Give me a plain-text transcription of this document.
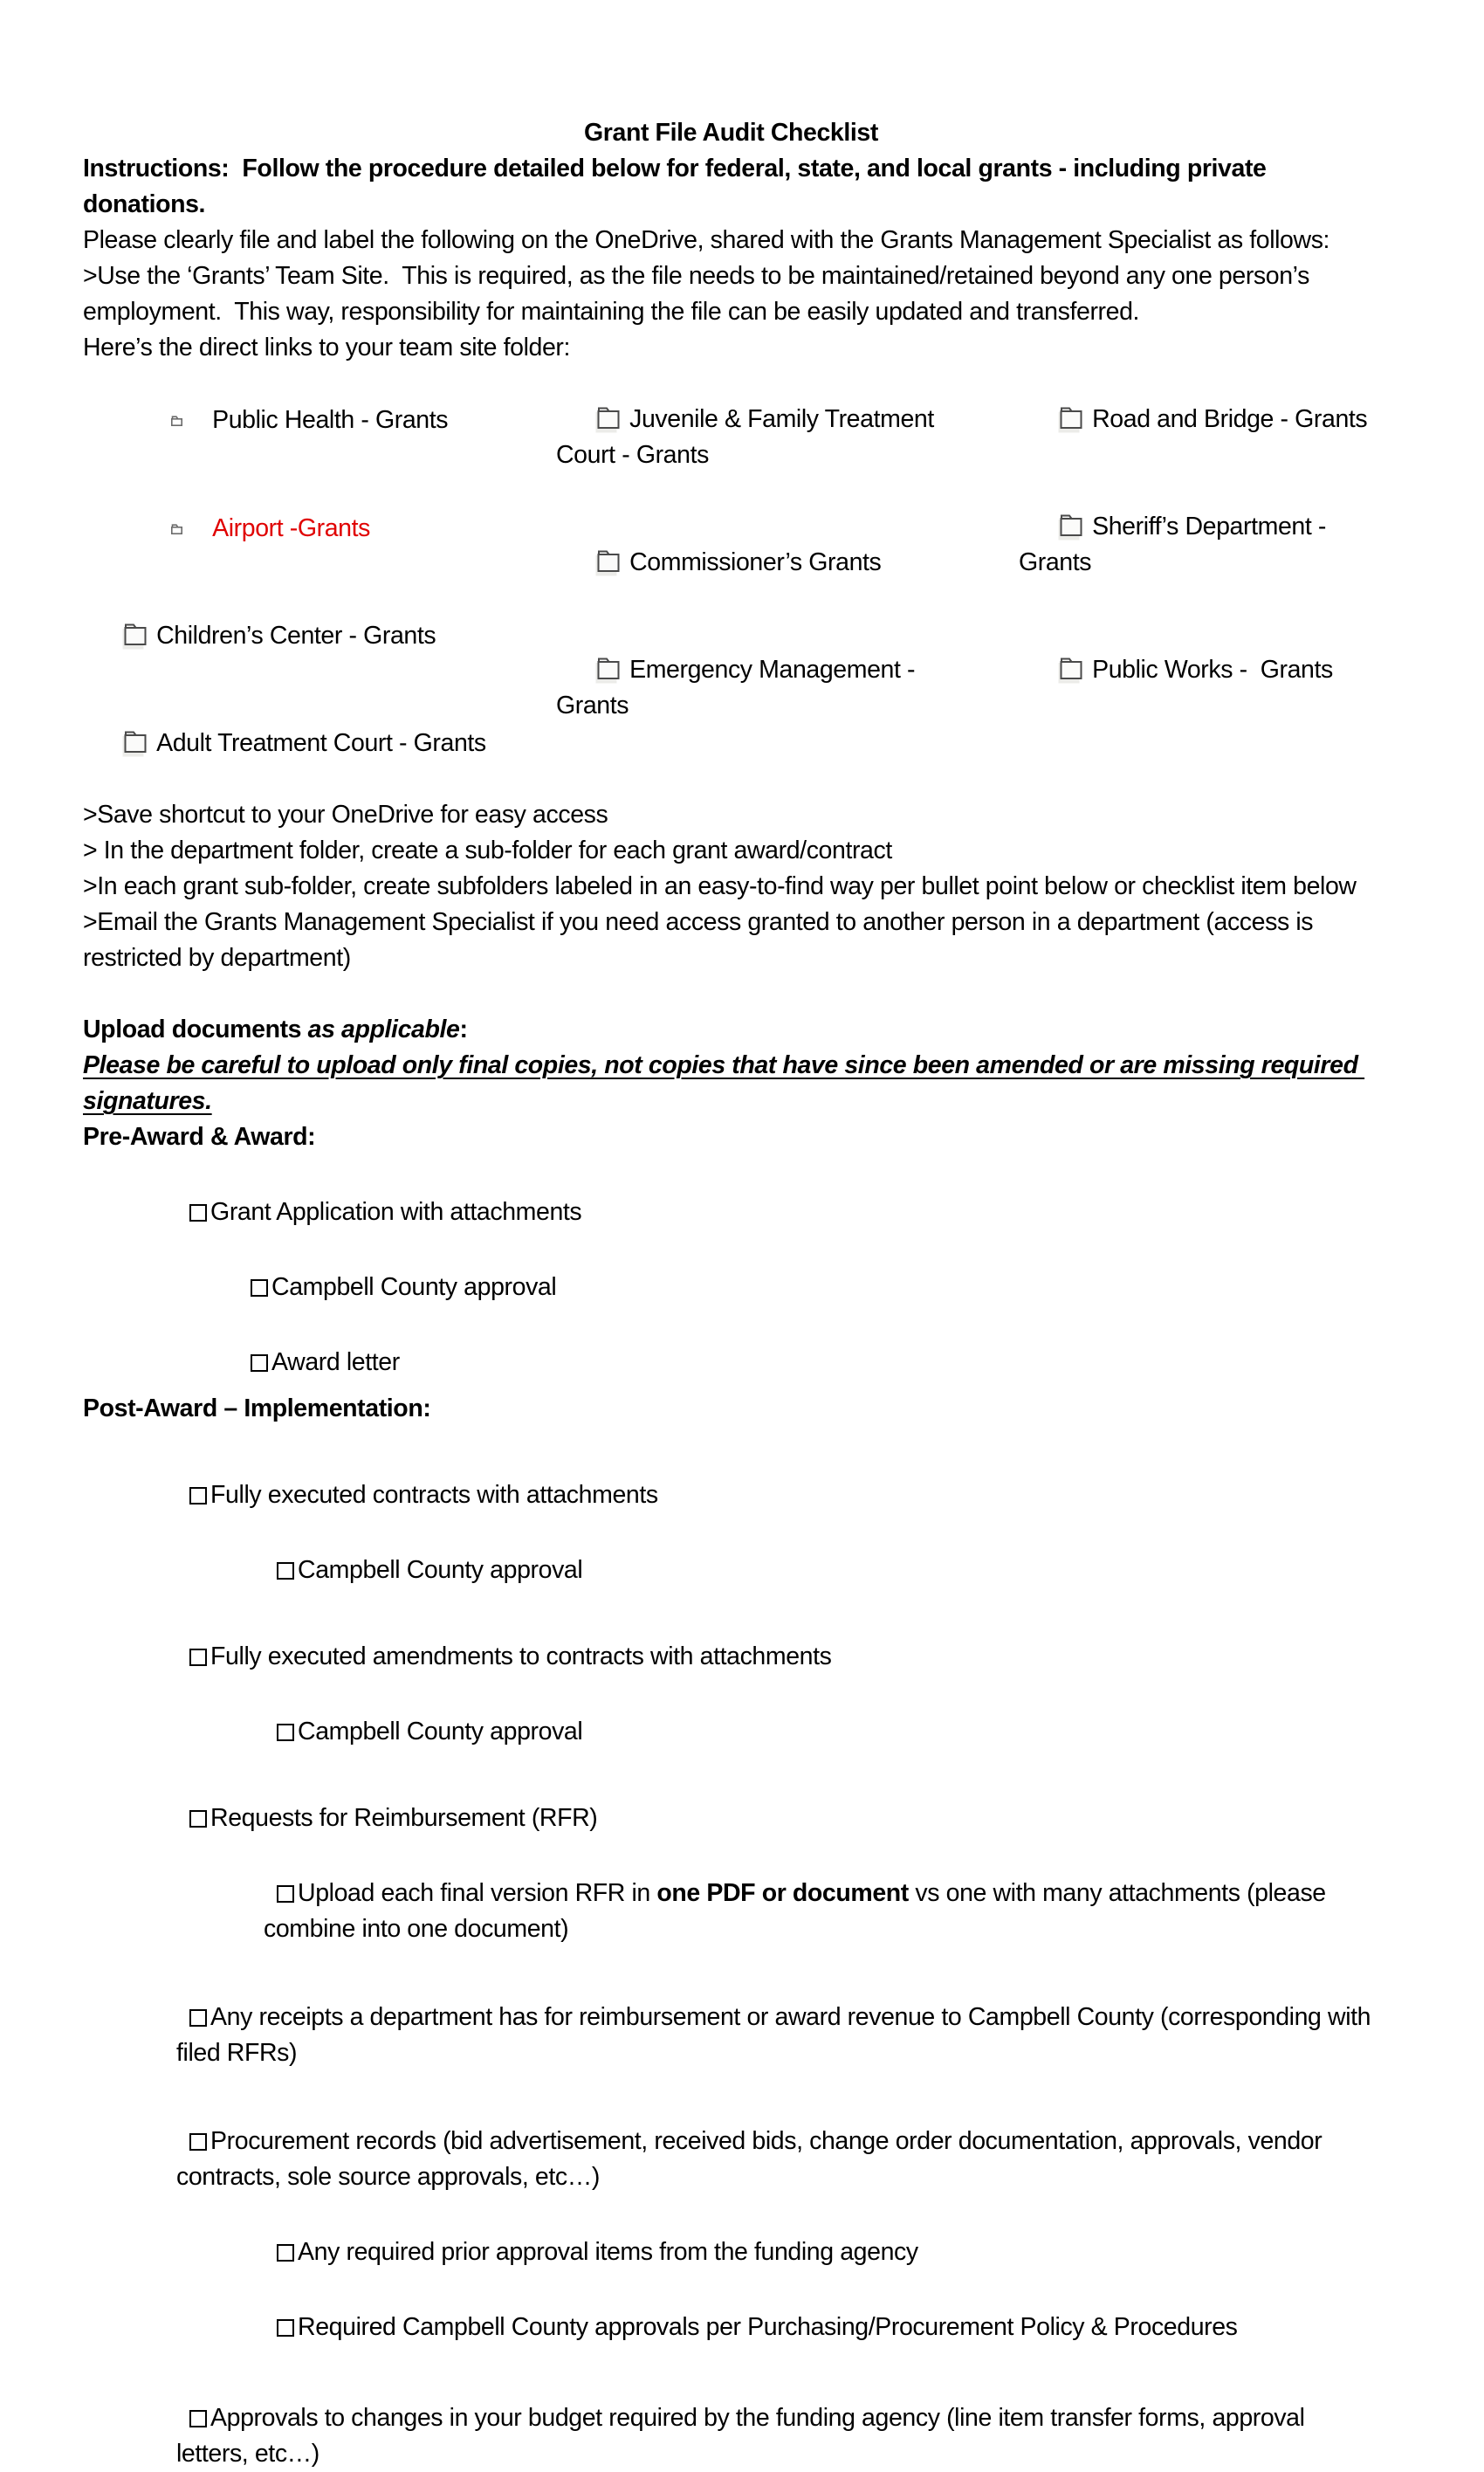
Grant File Audit Checklist

Instructions:  Follow the procedure detailed below for federal, state, and local grants - including private donations.

Please clearly file and label the following on the OneDrive, shared with the Grants Management Specialist as follows:

>Use the ‘Grants’ Team Site.  This is required, as the file needs to be maintained/retained beyond any one person’s employment.  This way, responsibility for maintaining the file can be easily updated and transferred.

Here’s the direct links to your team site folder:

Public Health - Grants

Airport -Grants

Children’s Center - Grants

Adult Treatment Court - Grants

Juvenile & Family Treatment Court - Grants

Commissioner’s Grants

Emergency Management - Grants

Road and Bridge - Grants

Sheriff’s Department - Grants

Public Works -  Grants

>Save shortcut to your OneDrive for easy access

> In the department folder, create a sub-folder for each grant award/contract

>In each grant sub-folder, create subfolders labeled in an easy-to-find way per bullet point below or checklist item below

>Email the Grants Management Specialist if you need access granted to another person in a department (access is restricted by department)

Upload documents as applicable:

Please be careful to upload only final copies, not copies that have since been amended or are missing required signatures.

Pre-Award & Award:

Grant Application with attachments

Campbell County approval

Award letter

Post-Award – Implementation:

Fully executed contracts with attachments

Campbell County approval

Fully executed amendments to contracts with attachments

Campbell County approval

Requests for Reimbursement (RFR)

Upload each final version RFR in one PDF or document vs one with many attachments (please combine into one document)

Any receipts a department has for reimbursement or award revenue to Campbell County (corresponding with filed RFRs)

Procurement records (bid advertisement, received bids, change order documentation, approvals, vendor contracts, sole source approvals, etc…)

Any required prior approval items from the funding agency

Required Campbell County approvals per Purchasing/Procurement Policy & Procedures

Approvals to changes in your budget required by the funding agency (line item transfer forms, approval letters, etc…)
